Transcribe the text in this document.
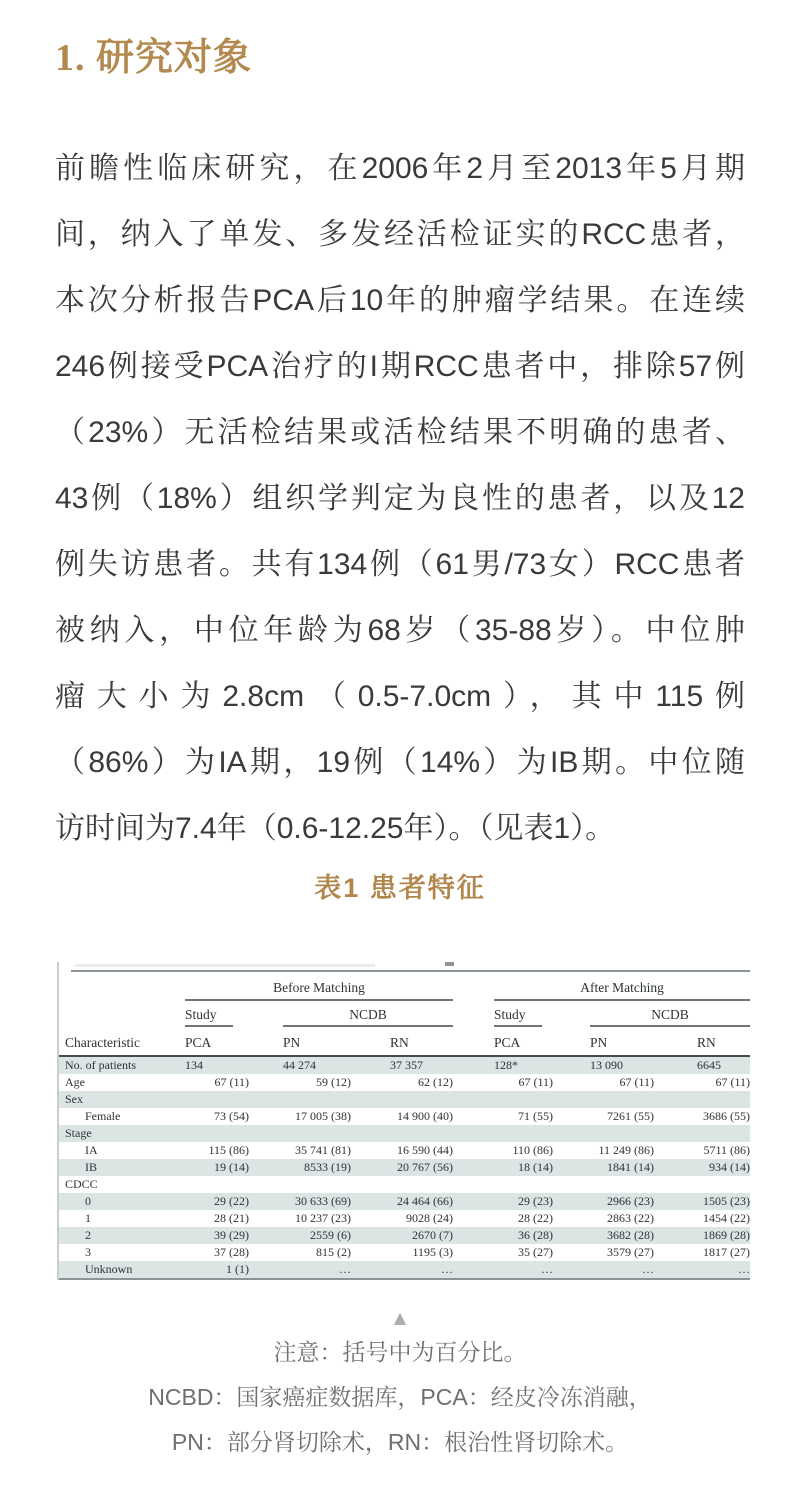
1. 研究对象
前瞻性临床研究，在2006年2月至2013年5月期
间，纳入了单发、多发经活检证实的RCC患者，
本次分析报告PCA后10年的肿瘤学结果。在连续
246例接受PCA治疗的I期RCC患者中，排除57例
（23%）无活检结果或活检结果不明确的患者、
43例（18%）组织学判定为良性的患者，以及12
例失访患者。共有134例（61男/73女）RCC患者
被纳入，中位年龄为68岁（35-88岁）。中位肿
瘤大小为2.8cm（0.5-7.0cm），其中115例
（86%）为IA期，19例（14%）为IB期。中位随
访时间为7.4年（0.6-12.25年）。（见表1）。
表1 患者特征

	Before Matching			After Matching		

	Study	NCDB		Study	NCDB	

Characteristic	PCA	PN	RN	PCA	PN	RN
No. of patients	134	44 274	37 357	128*	13 090	6645
Age	67 (11)	59 (12)	62 (12)	67 (11)	67 (11)	67 (11)
Sex						
Female	73 (54)	17 005 (38)	14 900 (40)	71 (55)	7261 (55)	3686 (55)
Stage						
IA	115 (86)	35 741 (81)	16 590 (44)	110 (86)	11 249 (86)	5711 (86)
IB	19 (14)	8533 (19)	20 767 (56)	18 (14)	1841 (14)	934 (14)
CDCC						
0	29 (22)	30 633 (69)	24 464 (66)	29 (23)	2966 (23)	1505 (23)
1	28 (21)	10 237 (23)	9028 (24)	28 (22)	2863 (22)	1454 (22)
2	39 (29)	2559 (6)	2670 (7)	36 (28)	3682 (28)	1869 (28)
3	37 (28)	815 (2)	1195 (3)	35 (27)	3579 (27)	1817 (27)
Unknown	1 (1)	…	…	…	…	…
▲
注意：括号中为百分比。
NCBD：国家癌症数据库，PCA：经皮冷冻消融，
PN：部分肾切除术，RN：根治性肾切除术。
